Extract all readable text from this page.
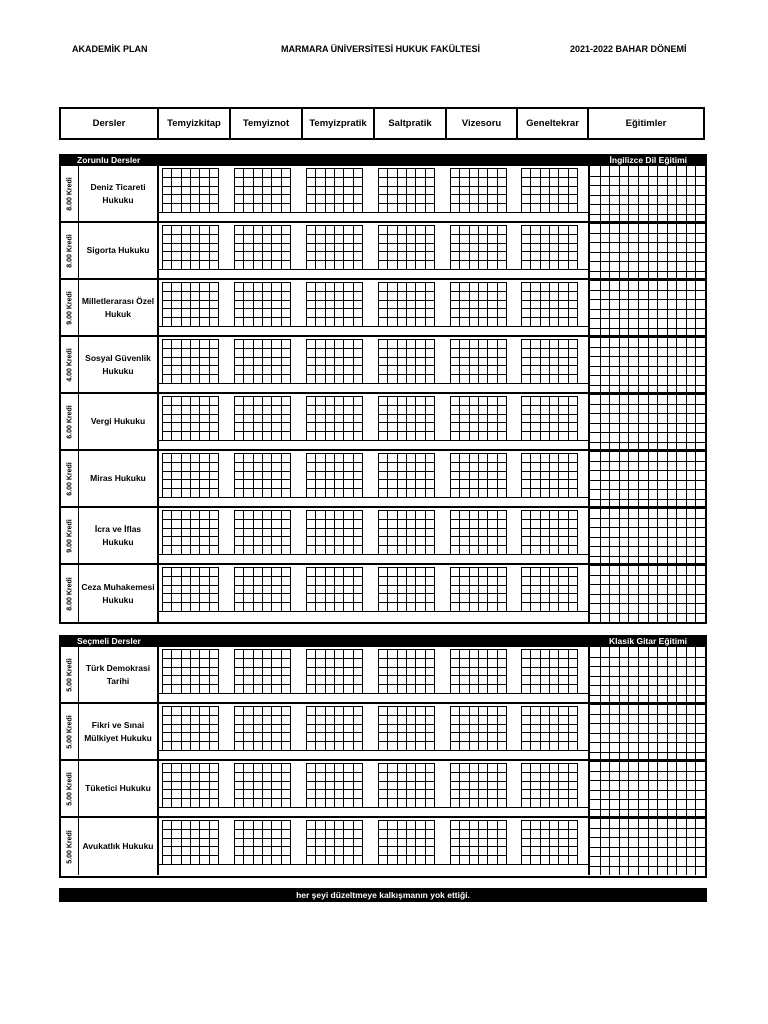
AKADEMİK PLAN	MARMARA ÜNİVERSİTESİ HUKUK FAKÜLTESİ	2021-2022 BAHAR DÖNEMİ
Dersler	Temyizkitap	Temyiznot	Temyizpratik	Saltpratik	Vizesoru	Geneltekrar	Eğitimler
Zorunlu Dersler	İngilizce Dil Eğitimi
8.00 Kredi	Deniz Ticareti Hukuku
8.00 Kredi	Sigorta Hukuku
9.00 Kredi	Milletlerarası Özel Hukuk
4.00 Kredi	Sosyal Güvenlik Hukuku
6.00 Kredi	Vergi Hukuku
6.00 Kredi	Miras Hukuku
9.00 Kredi	İcra ve İflas Hukuku
8.00 Kredi Ceza Muhakemesi Hukuku
Seçmeli Dersler	Klasik Gitar Eğitimi
5.00 Kredi	Türk Demokrasi Tarihi
5.00 Kredi	Fikri ve Sınai Mülkiyet Hukuku
5.00 Kredi	Tüketici Hukuku
5.00 Kredi	Avukatlık Hukuku
her şeyi düzeltmeye kalkışmanın yok ettiği.
